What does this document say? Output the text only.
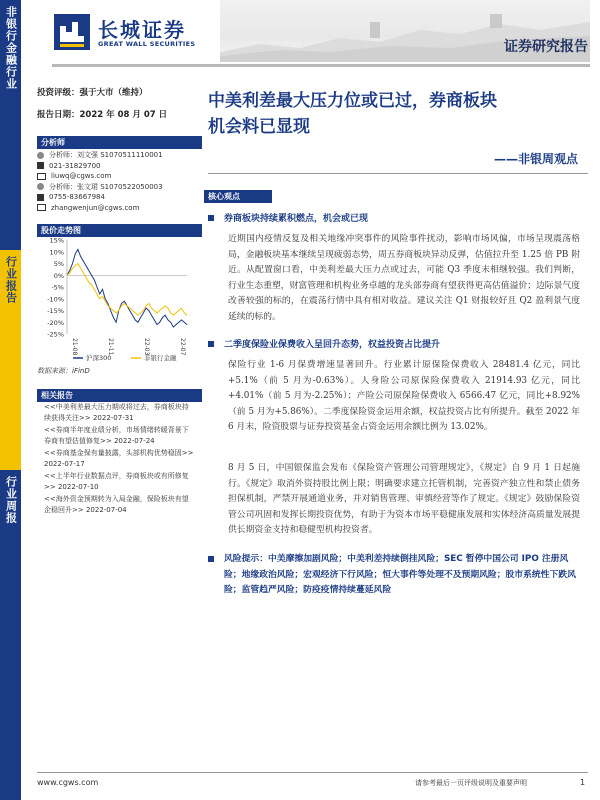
非银行金融行业
行业报告
行业周报
长城证券
GREAT WALL SECURITIES	证券研究报告
投资评级：强于大市（维持）
报告日期：2022 年 08 月 07 日
分析师
分析师：刘文强 S1070511110001
021-31829700
liuwq@cgws.com
分析师：张文珺 S1070522050003
0755-83667984
zhangwenjun@cgws.com
股价走势图
15%
10%
5%
0%
-5%
-10%
-15%
-20%
-25%
21-08	21-11	22-03	22-07
沪深300	非银行金融
数据来源：iFinD
相关报告
<<中美利差最大压力期或将过去，券商板块持续获得关注>> 2022-07-31
<<券商半年度业绩分析，市场情绪转暖背景下券商有望估值修复>> 2022-07-24
<<券商基金保有量披露，头部机构优势稳固>> 2022-07-17
<<上半年行业数据点评，券商板块或有所修复>> 2022-07-10
<<海外资金预期转为入局金融，保险板块有望企稳回升>> 2022-07-04
中美利差最大压力位或已过，券商板块
机会料已显现
——非银周观点
核心观点
券商板块持续累积燃点，机会或已现
近期国内疫情反复及相关地缘冲突事件的风险事件扰动，影响市场风偏，市场呈现震荡格局，金融板块基本继续呈现疲弱态势，周五券商板块异动反弹，估值拉升至 1.25 倍 PB 附近。从配置窗口看，中美利差最大压力点或过去，可能 Q3 季度末相继较强。我们判断，行业生态重塑，财富管理和机构业务卓越的龙头部券商有望获得更高估值溢价；边际景气度改善较强的标的，在震荡行情中具有相对收益。建议关注 Q1 财报较好且 Q2 盈利景气度延续的标的。
二季度保险业保费收入呈回升态势，权益投资占比提升
保险行业 1-6 月保费增速显著回升。行业累计原保险保费收入 28481.4 亿元，同比+5.1%（前 5 月为-0.63%）。人身险公司原保险保费收入 21914.93 亿元，同比+4.01%（前 5 月为-2.25%）；产险公司原保险保费收入 6566.47 亿元，同比+8.92%（前 5 月为+5.86%）。二季度保险资金运用余额，权益投资占比有所提升。截至 2022 年 6 月末，险资股票与证券投资基金占资金运用余额比例为 13.02%。
8 月 5 日，中国银保监会发布《保险资产管理公司管理规定》，《规定》自 9 月 1 日起施行。《规定》取消外资持股比例上限；明确要求建立托管机制，完善资产独立性和禁止债务担保机制，严禁开展通道业务，并对销售管理、审慎经营等作了规定。《规定》鼓励保险资管公司巩固和发挥长期投资优势，有助于为资本市场平稳健康发展和实体经济高质量发展提供长期资金支持和稳健型机构投资者。
风险提示：中美摩擦加剧风险；中美利差持续倒挂风险；SEC 暂停中国公司 IPO 注册风险；地缘政治风险；宏观经济下行风险；恒大事件等处理不及预期风险；股市系统性下跌风险；监管趋严风险；防疫疫情持续蔓延风险
www.cgws.com	请参考最后一页评级说明及重要声明	1
